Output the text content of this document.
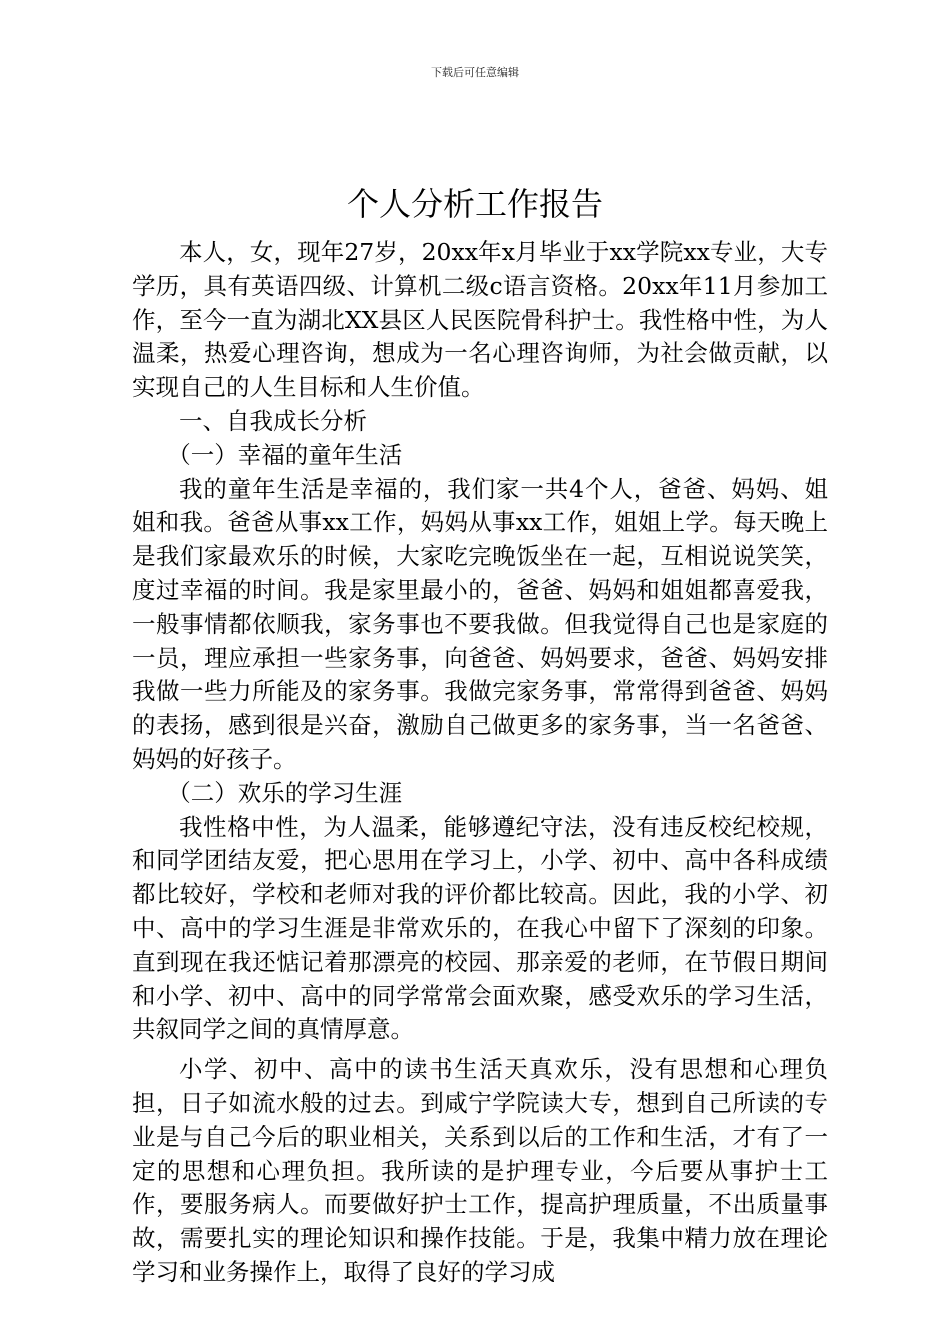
下载后可任意编辑
个人分析工作报告

本人，女，现年27岁，20xx年x月毕业于xx学院xx专业，大专学历，具有英语四级、计算机二级c语言资格。20xx年11月参加工作，至今一直为湖北XX县区人民医院骨科护士。我性格中性，为人温柔，热爱心理咨询，想成为一名心理咨询师，为社会做贡献，以实现自己的人生目标和人生价值。

一、自我成长分析

（一）幸福的童年生活

我的童年生活是幸福的，我们家一共4个人，爸爸、妈妈、姐姐和我。爸爸从事xx工作，妈妈从事xx工作，姐姐上学。每天晚上是我们家最欢乐的时候，大家吃完晚饭坐在一起，互相说说笑笑，度过幸福的时间。我是家里最小的，爸爸、妈妈和姐姐都喜爱我，一般事情都依顺我，家务事也不要我做。但我觉得自己也是家庭的一员，理应承担一些家务事，向爸爸、妈妈要求，爸爸、妈妈安排我做一些力所能及的家务事。我做完家务事，常常得到爸爸、妈妈的表扬，感到很是兴奋，激励自己做更多的家务事，当一名爸爸、妈妈的好孩子。

（二）欢乐的学习生涯

我性格中性，为人温柔，能够遵纪守法，没有违反校纪校规，和同学团结友爱，把心思用在学习上，小学、初中、高中各科成绩都比较好，学校和老师对我的评价都比较高。因此，我的小学、初中、高中的学习生涯是非常欢乐的，在我心中留下了深刻的印象。直到现在我还惦记着那漂亮的校园、那亲爱的老师，在节假日期间和小学、初中、高中的同学常常会面欢聚，感受欢乐的学习生活，共叙同学之间的真情厚意。

小学、初中、高中的读书生活天真欢乐，没有思想和心理负担，日子如流水般的过去。到咸宁学院读大专，想到自己所读的专业是与自己今后的职业相关，关系到以后的工作和生活，才有了一定的思想和心理负担。我所读的是护理专业，今后要从事护士工作，要服务病人。而要做好护士工作，提高护理质量，不出质量事故，需要扎实的理论知识和操作技能。于是，我集中精力放在理论学习和业务操作上，取得了良好的学习成
